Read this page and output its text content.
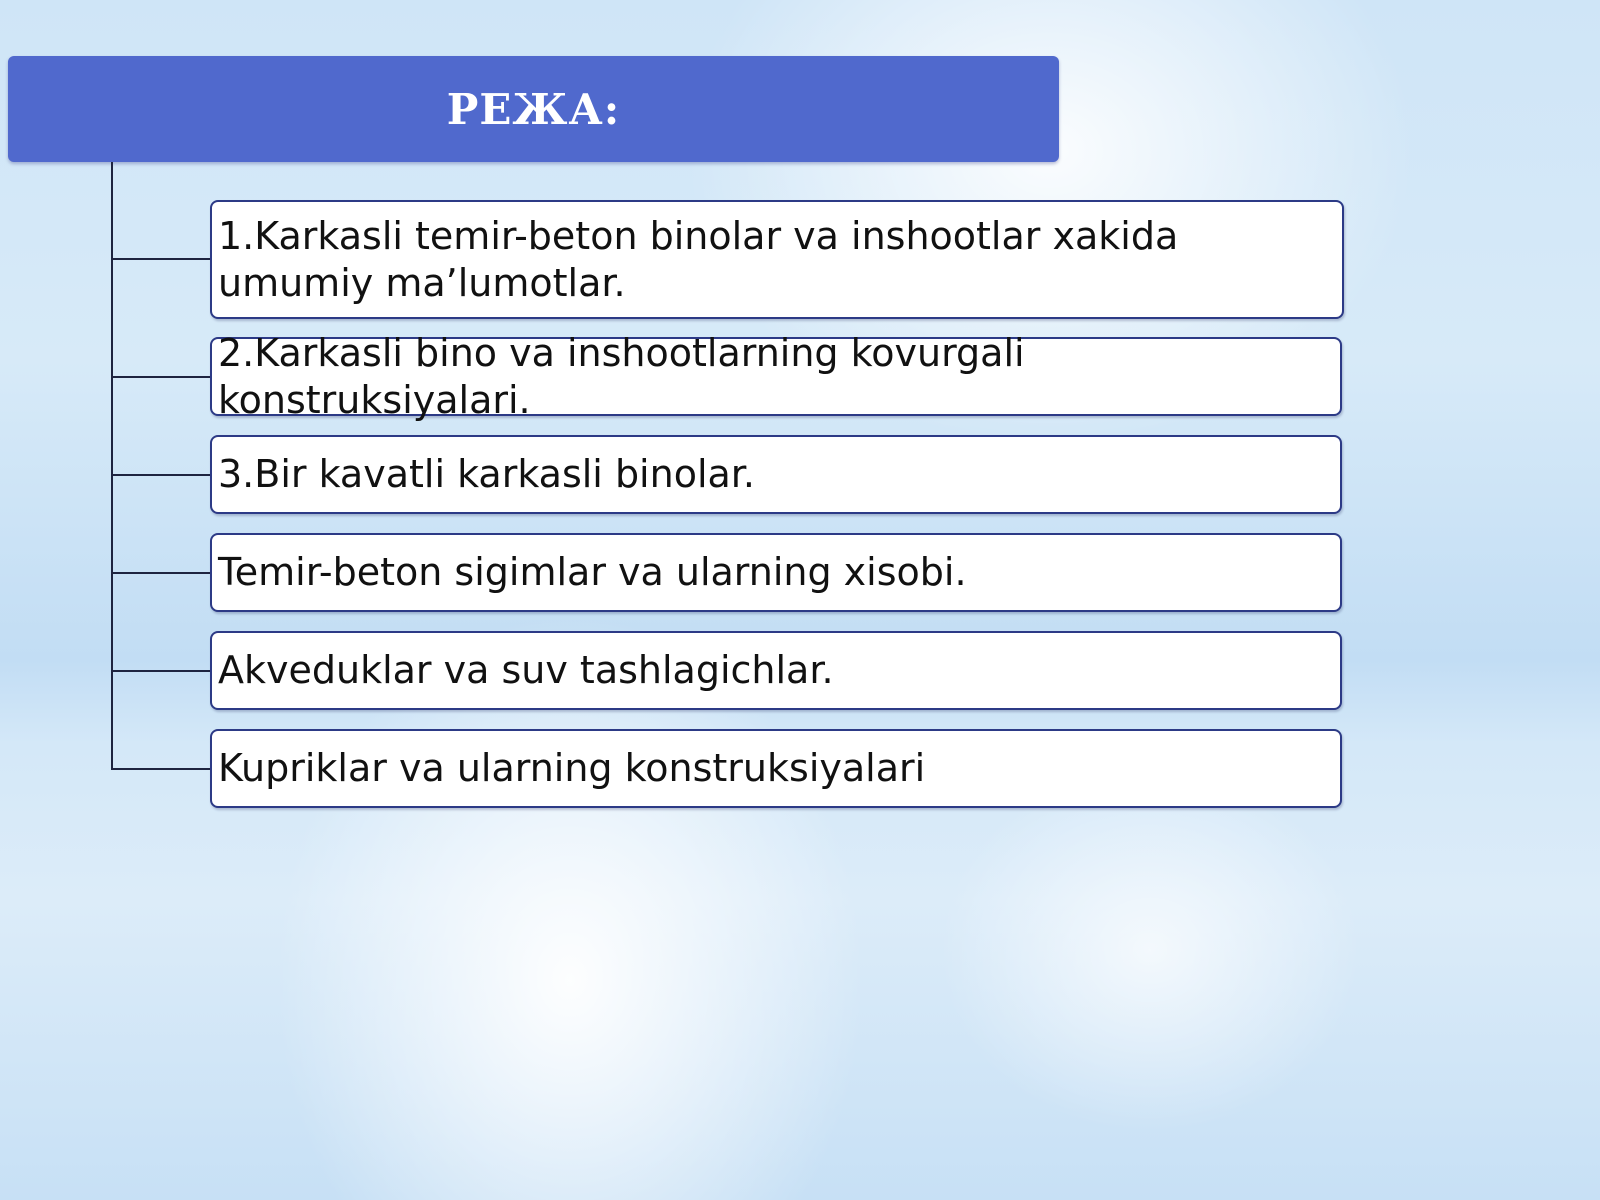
РЕЖА:
1.Karkasli temir-beton binolar va inshootlar xakida umumiy ma’lumotlar.
2.Karkasli bino va inshootlarning kovurgali konstruksiyalari.
3.Bir kavatli karkasli binolar.
Temir-beton sigimlar va ularning xisobi.
Akveduklar va suv tashlagichlar.
Kupriklar va ularning konstruksiyalari
